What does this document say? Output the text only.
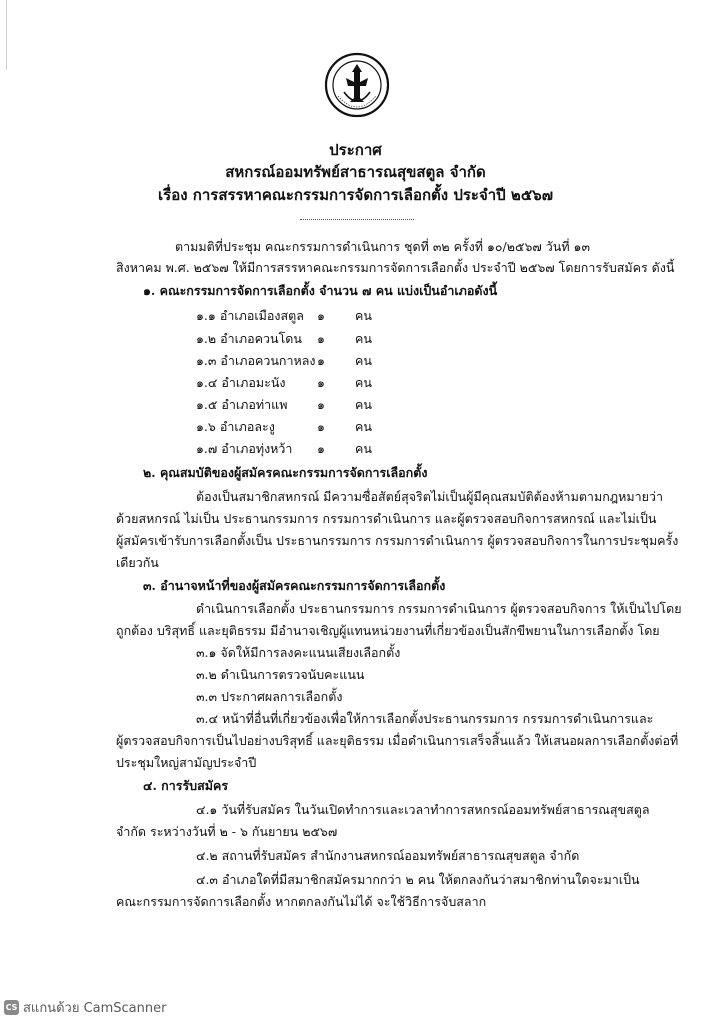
ประกาศ
สหกรณ์ออมทรัพย์สาธารณสุขสตูล จำกัด
เรื่อง การสรรหาคณะกรรมการจัดการเลือกตั้ง ประจำปี ๒๕๖๗
ตามมติที่ประชุม คณะกรรมการดำเนินการ ชุดที่ ๓๒ ครั้งที่ ๑๐/๒๕๖๗ วันที่ ๑๓
สิงหาคม พ.ศ. ๒๕๖๗ ให้มีการสรรหาคณะกรรมการจัดการเลือกตั้ง ประจำปี ๒๕๖๗ โดยการรับสมัคร ดังนี้
๑. คณะกรรมการจัดการเลือกตั้ง จำนวน ๗ คน แบ่งเป็นอำเภอดังนี้
๑.๑ อำเภอเมืองสตูล ๑ คน
๑.๒ อำเภอควนโดน ๑ คน
๑.๓ อำเภอควนกาหลง ๑ คน
๑.๔ อำเภอมะนัง	๑ คน
๑.๕ อำเภอท่าแพ ๑ คน
๑.๖ อำเภอละงู	๑ คน
๑.๗ อำเภอทุ่งหว้า ๑ คน
๒. คุณสมบัติของผู้สมัครคณะกรรมการจัดการเลือกตั้ง
ต้องเป็นสมาชิกสหกรณ์ มีความซื่อสัตย์สุจริตไม่เป็นผู้มีคุณสมบัติต้องห้ามตามกฎหมายว่า
ด้วยสหกรณ์ ไม่เป็น ประธานกรรมการ กรรมการดำเนินการ และผู้ตรวจสอบกิจการสหกรณ์ และไม่เป็น
ผู้สมัครเข้ารับการเลือกตั้งเป็น ประธานกรรมการ กรรมการดำเนินการ ผู้ตรวจสอบกิจการในการประชุมครั้ง
เดียวกัน
๓. อำนาจหน้าที่ของผู้สมัครคณะกรรมการจัดการเลือกตั้ง
ดำเนินการเลือกตั้ง ประธานกรรมการ กรรมการดำเนินการ ผู้ตรวจสอบกิจการ ให้เป็นไปโดย
ถูกต้อง บริสุทธิ์ และยุติธรรม มีอำนาจเชิญผู้แทนหน่วยงานที่เกี่ยวข้องเป็นสักขีพยานในการเลือกตั้ง โดย
๓.๑ จัดให้มีการลงคะแนนเสียงเลือกตั้ง
๓.๒ ดำเนินการตรวจนับคะแนน
๓.๓ ประกาศผลการเลือกตั้ง
๓.๔ หน้าที่อื่นที่เกี่ยวข้องเพื่อให้การเลือกตั้งประธานกรรมการ กรรมการดำเนินการและ
ผู้ตรวจสอบกิจการเป็นไปอย่างบริสุทธิ์ และยุติธรรม เมื่อดำเนินการเสร็จสิ้นแล้ว ให้เสนอผลการเลือกตั้งต่อที่
ประชุมใหญ่สามัญประจำปี
๔. การรับสมัคร
๔.๑ วันที่รับสมัคร ในวันเปิดทำการและเวลาทำการสหกรณ์ออมทรัพย์สาธารณสุขสตูล
จำกัด ระหว่างวันที่ ๒ - ๖ กันยายน ๒๕๖๗
๔.๒ สถานที่รับสมัคร สำนักงานสหกรณ์ออมทรัพย์สาธารณสุขสตูล จำกัด
๔.๓ อำเภอใดที่มีสมาชิกสมัครมากกว่า ๒ คน ให้ตกลงกันว่าสมาชิกท่านใดจะมาเป็น
คณะกรรมการจัดการเลือกตั้ง หากตกลงกันไม่ได้ จะใช้วิธีการจับสลาก
CS สแกนด้วย CamScanner
